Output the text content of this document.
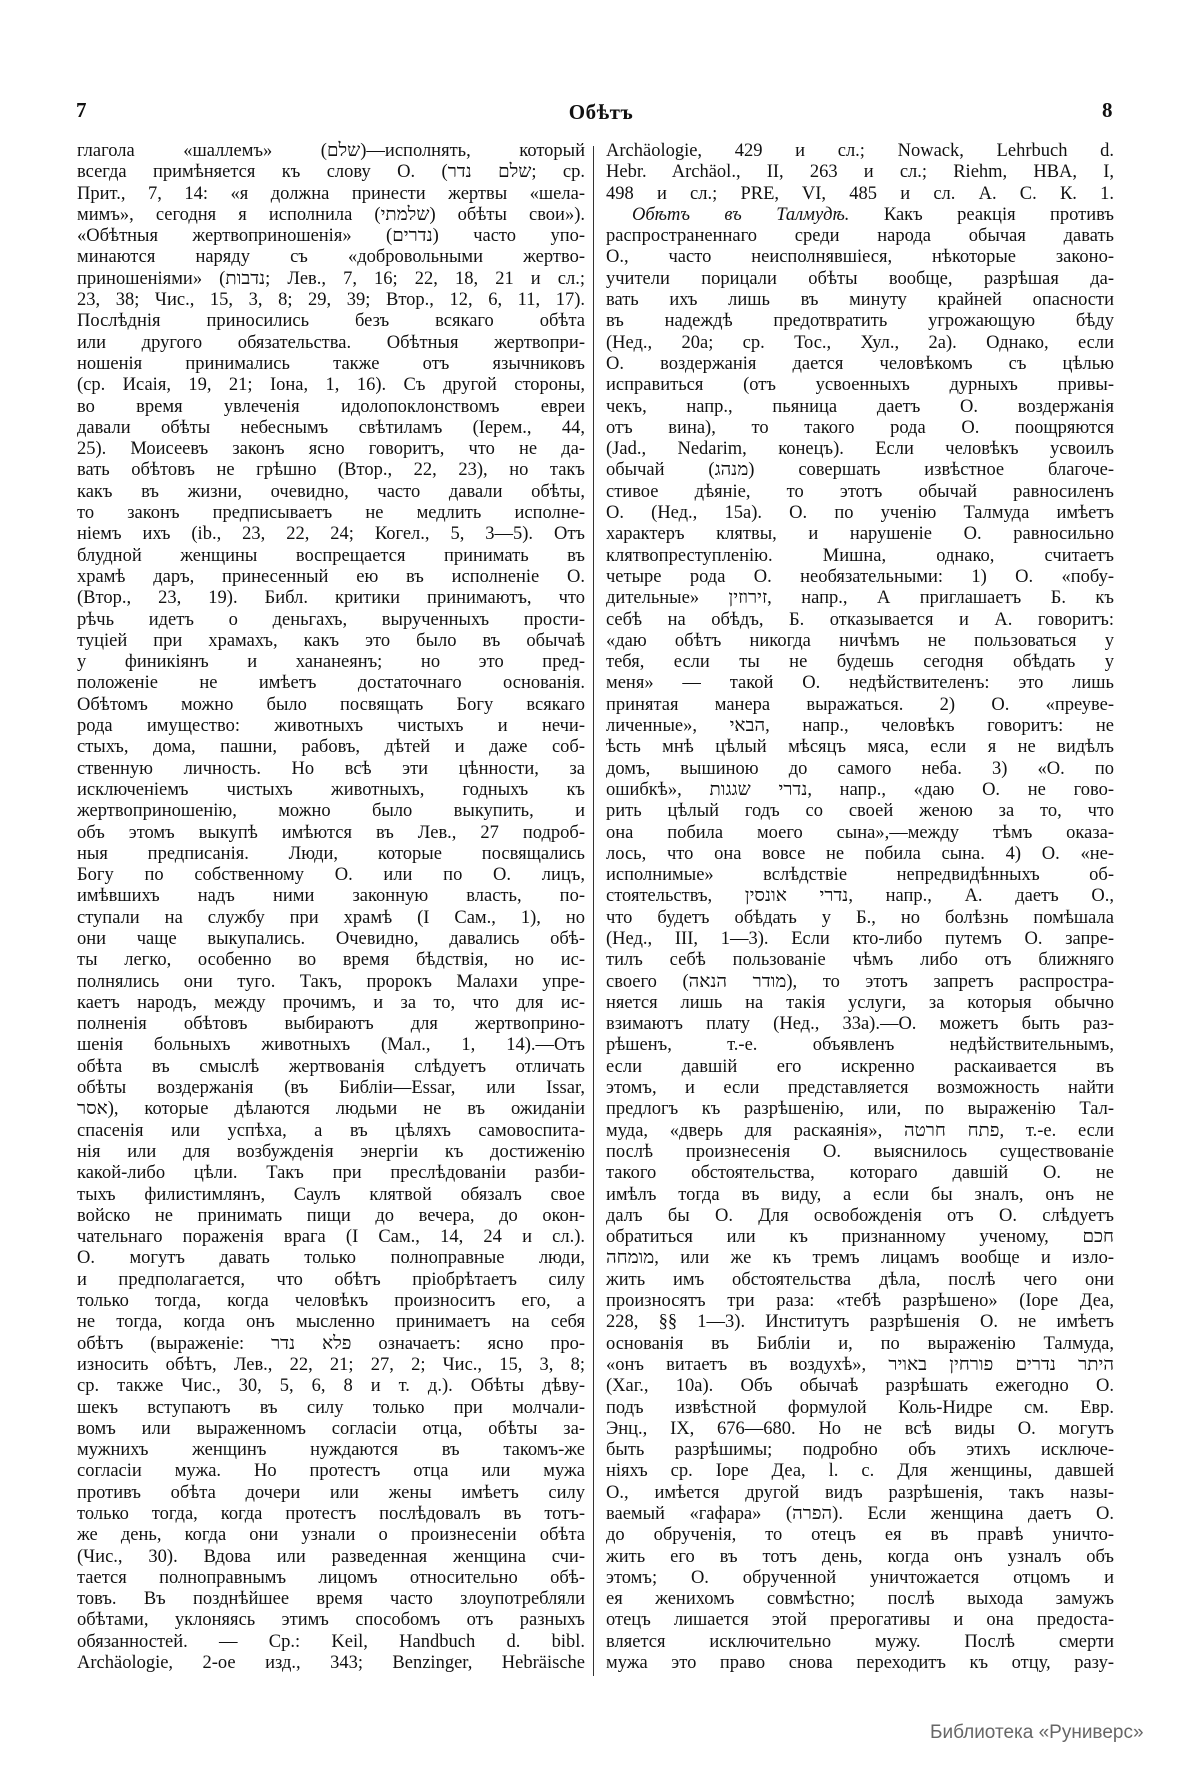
7	Обѣтъ	8
глагола «шаллемъ» (שלם)—исполнять, который
всегда примѣняется къ слову О. (שלם נדר; ср.
Прит., 7, 14: «я должна принести жертвы «шела-
мимъ», сегодня я исполнила (שלמתי) обѣты свои»).
«Обѣтныя жертвоприношенія» (נדרים) часто упо-
минаются наряду съ «добровольными жертво-
приношеніями» (נדבות; Лев., 7, 16; 22, 18, 21 и сл.;
23, 38; Чис., 15, 3, 8; 29, 39; Втор., 12, 6, 11, 17).
Послѣднія приносились безъ всякаго обѣта
или другого обязательства. Обѣтныя жертвопри-
ношенія принимались также отъ язычниковъ
(ср. Исаія, 19, 21; Іона, 1, 16). Съ другой стороны,
во время увлеченія идолопоклонствомъ евреи
давали обѣты небеснымъ свѣтиламъ (Іерем., 44,
25). Моисеевъ законъ ясно говоритъ, что не да-
вать обѣтовъ не грѣшно (Втор., 22, 23), но такъ
какъ въ жизни, очевидно, часто давали обѣты,
то законъ предписываетъ не медлить исполне-
ніемъ ихъ (ib., 23, 22, 24; Когел., 5, 3—5). Отъ
блудной женщины воспрещается принимать въ
храмѣ даръ, принесенный ею въ исполненіе О.
(Втор., 23, 19). Библ. критики принимаютъ, что
рѣчь идетъ о деньгахъ, вырученныхъ прости-
туціей при храмахъ, какъ это было въ обычаѣ
у финикіянъ и хананеянъ; но это пред-
положеніе не имѣетъ достаточнаго основанія.
Обѣтомъ можно было посвящать Богу всякаго
рода имущество: животныхъ чистыхъ и нечи-
стыхъ, дома, пашни, рабовъ, дѣтей и даже соб-
ственную личность. Но всѣ эти цѣнности, за
исключеніемъ чистыхъ животныхъ, годныхъ къ
жертвоприношенію, можно было выкупить, и
объ этомъ выкупѣ имѣются въ Лев., 27 подроб-
ныя предписанія. Люди, которые посвящались
Богу по собственному О. или по О. лицъ,
имѣвшихъ надъ ними законную власть, по-
ступали на службу при храмѣ (I Сам., 1), но
они чаще выкупались. Очевидно, давались обѣ-
ты легко, особенно во время бѣдствія, но ис-
полнялись они туго. Такъ, пророкъ Малахи упре-
каетъ народъ, между прочимъ, и за то, что для ис-
полненія обѣтовъ выбираютъ для жертвоприно-
шенія больныхъ животныхъ (Мал., 1, 14).—Отъ
обѣта въ смыслѣ жертвованія слѣдуетъ отличать
обѣты воздержанія (въ Библіи—Essar, или Issar,
אסר), которые дѣлаются людьми не въ ожиданіи
спасенія или успѣха, а въ цѣляхъ самовоспита-
нія или для возбужденія энергіи къ достиженію
какой-либо цѣли. Такъ при преслѣдованіи разби-
тыхъ филистимлянъ, Саулъ клятвой обязалъ свое
войско не принимать пищи до вечера, до окон-
чательнаго пораженія врага (I Сам., 14, 24 и сл.).
О. могутъ давать только полноправные люди,
и предполагается, что обѣтъ пріобрѣтаетъ силу
только тогда, когда человѣкъ произноситъ его, а
не тогда, когда онъ мысленно принимаетъ на себя
обѣтъ (выраженіе: פלא נדר означаетъ: ясно про-
износить обѣтъ, Лев., 22, 21; 27, 2; Чис., 15, 3, 8;
ср. также Чис., 30, 5, 6, 8 и т. д.). Обѣты дѣву-
шекъ вступаютъ въ силу только при молчали-
вомъ или выраженномъ согласіи отца, обѣты за-
мужнихъ женщинъ нуждаются въ такомъ-же
согласіи мужа. Но протестъ отца или мужа
противъ обѣта дочери или жены имѣетъ силу
только тогда, когда протестъ послѣдовалъ въ тотъ-
же день, когда они узнали о произнесеніи обѣта
(Чис., 30). Вдова или разведенная женщина счи-
тается полноправнымъ лицомъ относительно обѣ-
товъ. Въ позднѣйшее время часто злоупотребляли
обѣтами, уклоняясь этимъ способомъ отъ разныхъ
обязанностей. — Ср.: Keil, Handbuch d. bibl.
Archäologie, 2-ое изд., 343; Benzinger, Hebräische
Archäologie, 429 и сл.; Nowack, Lehrbuch d.
Hebr. Archäol., II, 263 и сл.; Riehm, HBA, I,
498 и сл.; PRE, VI, 485 и сл. А. С. К. 1.
Обѣтъ въ Талмудѣ. Какъ реакція противъ
распространеннаго среди народа обычая давать
О., часто неисполнявшіеся, нѣкоторые законо-
учители порицали обѣты вообще, разрѣшая да-
вать ихъ лишь въ минуту крайней опасности
въ надеждѣ предотвратить угрожающую бѣду
(Нед., 20а; ср. Тос., Хул., 2а). Однако, если
О. воздержанія дается человѣкомъ съ цѣлью
исправиться (отъ усвоенныхъ дурныхъ привы-
чекъ, напр., пьяница даетъ О. воздержанія
отъ вина), то такого рода О. поощряются
(Jad., Nedarim, конецъ). Если человѣкъ усвоилъ
обычай (מנהג) совершать извѣстное благоче-
стивое дѣяніе, то этотъ обычай равносиленъ
О. (Нед., 15а). О. по ученію Талмуда имѣетъ
характеръ клятвы, и нарушеніе О. равносильно
клятвопреступленію. Мишна, однако, считаетъ
четыре рода О. необязательными: 1) О. «побу-
дительные» זירוזין, напр., А приглашаетъ Б. къ
себѣ на обѣдъ, Б. отказывается и А. говоритъ:
«даю обѣтъ никогда ничѣмъ не пользоваться у
тебя, если ты не будешь сегодня обѣдать у
меня» — такой О. недѣйствителенъ: это лишь
принятая манера выражаться. 2) О. «преуве-
личенные», הבאי, напр., человѣкъ говоритъ: не
ѣсть мнѣ цѣлый мѣсяцъ мяса, если я не видѣлъ
домъ, вышиною до самого неба. 3) «О. по
ошибкѣ», נדרי שגגות, напр., «даю О. не гово-
рить цѣлый годъ со своей женою за то, что
она побила моего сына»,—между тѣмъ оказа-
лось, что она вовсе не побила сына. 4) О. «не-
исполнимые» вслѣдствіе непредвидѣнныхъ об-
стоятельствъ, נדרי אונסין, напр., А. даетъ О.,
что будетъ обѣдать у Б., но болѣзнь помѣшала
(Нед., III, 1—3). Если кто-либо путемъ О. запре-
тилъ себѣ пользованіе чѣмъ либо отъ ближняго
своего (מודר הנאה), то этотъ запретъ распростра-
няется лишь на такія услуги, за которыя обычно
взимаютъ плату (Нед., 33а).—О. можетъ быть раз-
рѣшенъ, т.-е. объявленъ недѣйствительнымъ,
если давшій его искренно раскаивается въ
этомъ, и если представляется возможность найти
предлогъ къ разрѣшенію, или, по выраженію Тал-
муда, «дверь для раскаянія», פתח חרטה, т.-е. если
послѣ произнесенія О. выяснилось существованіе
такого обстоятельства, котораго давшій О. не
имѣлъ тогда въ виду, а если бы зналъ, онъ не
далъ бы О. Для освобожденія отъ О. слѣдуетъ
обратиться или къ признанному ученому, חכם
מומחה, или же къ тремъ лицамъ вообще и изло-
жить имъ обстоятельства дѣла, послѣ чего они
произносятъ три раза: «тебѣ разрѣшено» (Іоре Деа,
228, §§ 1—3). Институтъ разрѣшенія О. не имѣетъ
основанія въ Библіи и, по выраженію Талмуда,
«онъ витаетъ въ воздухѣ», היתר נדרים פורחין באויר
(Хаг., 10а). Объ обычаѣ разрѣшать ежегодно О.
подъ извѣстной формулой Коль-Нидре см. Евр.
Энц., IX, 676—680. Но не всѣ виды О. могутъ
быть разрѣшимы; подробно объ этихъ исключе-
ніяхъ ср. Іоре Деа, l. c. Для женщины, давшей
О., имѣется другой видъ разрѣшенія, такъ назы-
ваемый «гафара» (הפרה). Если женщина даетъ О.
до обрученія, то отецъ ея въ правѣ уничто-
жить его въ тотъ день, когда онъ узналъ объ
этомъ; О. обрученной уничтожается отцомъ и
ея женихомъ совмѣстно; послѣ выхода замужъ
отецъ лишается этой прерогативы и она предоста-
вляется исключительно мужу. Послѣ смерти
мужа это право снова переходитъ къ отцу, разу-
Библиотека «Руниверс»
